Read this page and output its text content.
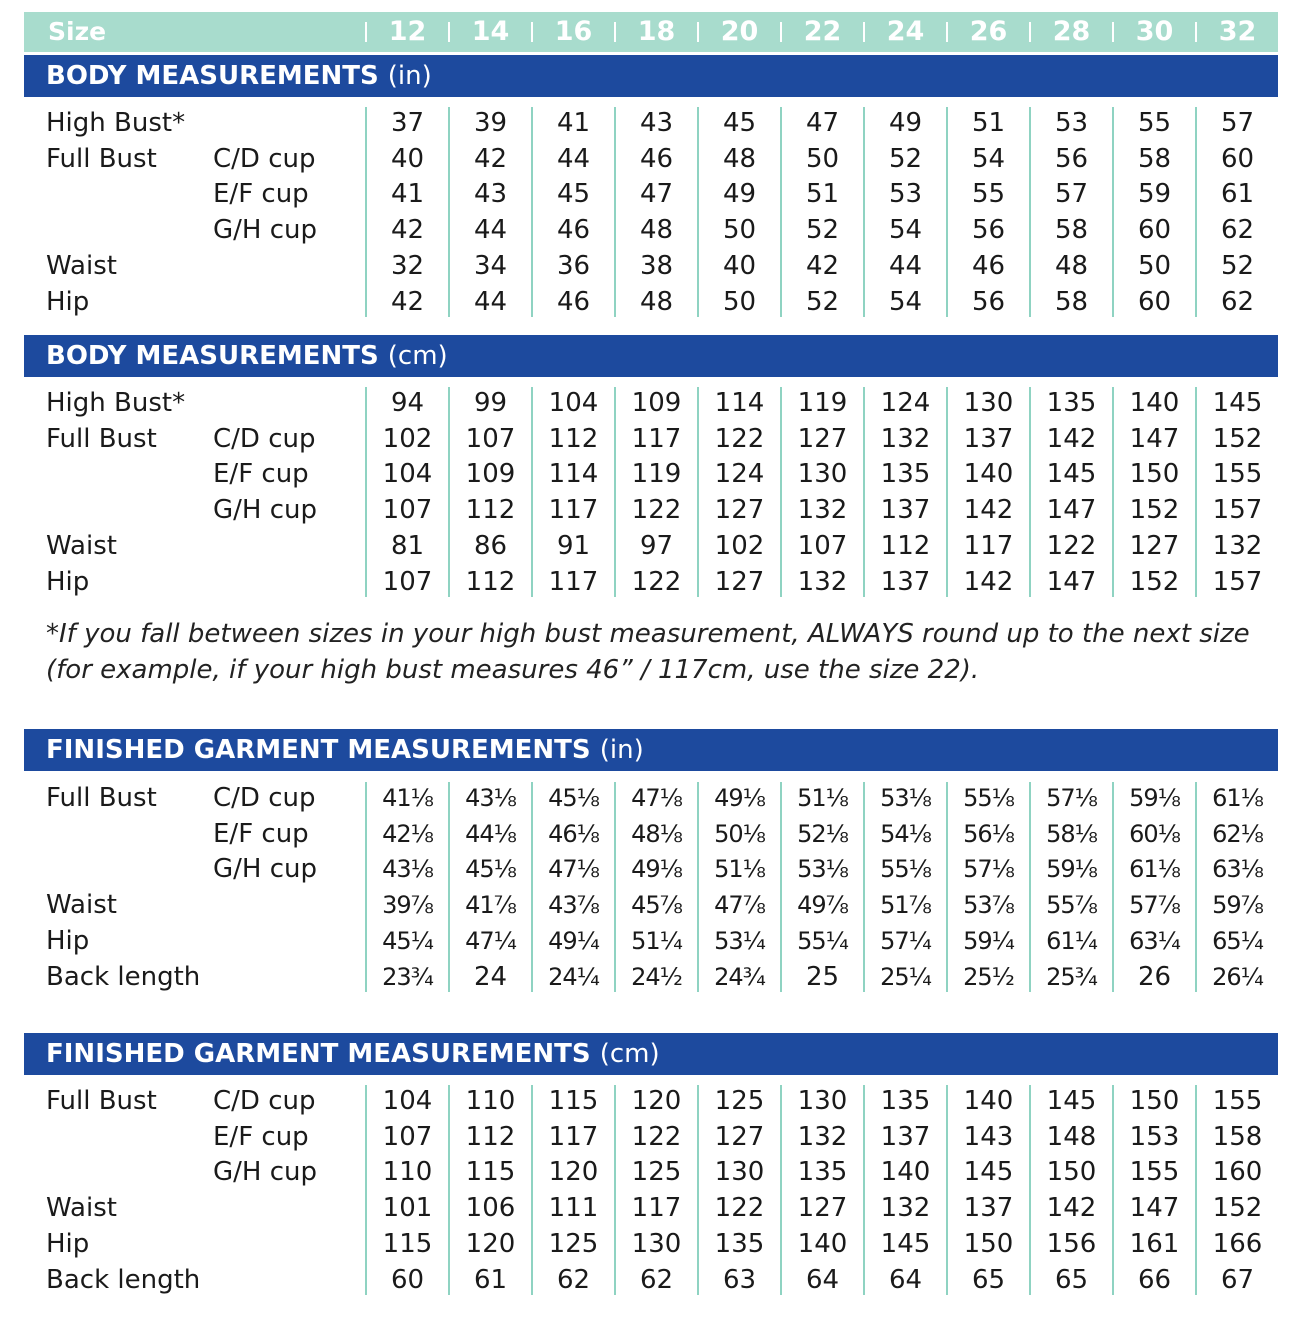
Size	12	14	16	18	20	22	24	26	28	30	32
BODY MEASUREMENTS (in)
High Bust*	37	39	41	43	45	47	49	51	53	55	57
Full Bust C/D cup	40	42	44	46	48	50	52	54	56	58	60
E/F cup	41	43	45	47	49	51	53	55	57	59	61
G/H cup	42	44	46	48	50	52	54	56	58	60	62
Waist	32	34	36	38	40	42	44	46	48	50	52
Hip	42	44	46	48	50	52	54	56	58	60	62
BODY MEASUREMENTS (cm)
High Bust*	94	99	104	109	114	119	124	130	135	140	145
Full Bust C/D cup	102	107	112	117	122	127	132	137	142	147	152
E/F cup	104	109	114	119	124	130	135	140	145	150	155
G/H cup	107	112	117	122	127	132	137	142	147	152	157
Waist	81	86	91	97	102	107	112	117	122	127	132
Hip	107	112	117	122	127	132	137	142	147	152	157
FINISHED GARMENT MEASUREMENTS (in)
Full Bust C/D cup	41⅛	43⅛	45⅛	47⅛	49⅛	51⅛	53⅛	55⅛	57⅛	59⅛	61⅛
E/F cup	42⅛	44⅛	46⅛	48⅛	50⅛	52⅛	54⅛	56⅛	58⅛	60⅛	62⅛
G/H cup	43⅛	45⅛	47⅛	49⅛	51⅛	53⅛	55⅛	57⅛	59⅛	61⅛	63⅛
Waist	39⅞	41⅞	43⅞	45⅞	47⅞	49⅞	51⅞	53⅞	55⅞	57⅞	59⅞
Hip	45¼	47¼	49¼	51¼	53¼	55¼	57¼	59¼	61¼	63¼	65¼
Back length	23¾	24	24¼	24½	24¾	25	25¼	25½	25¾	26	26¼
FINISHED GARMENT MEASUREMENTS (cm)
Full Bust C/D cup	104	110	115	120	125	130	135	140	145	150	155
E/F cup	107	112	117	122	127	132	137	143	148	153	158
G/H cup	110	115	120	125	130	135	140	145	150	155	160
Waist	101	106	111	117	122	127	132	137	142	147	152
Hip	115	120	125	130	135	140	145	150	156	161	166
Back length	60	61	62	62	63	64	64	65	65	66	67
*If you fall between sizes in your high bust measurement, ALWAYS round up to the next size (for example, if your high bust measures 46” / 117cm, use the size 22).
